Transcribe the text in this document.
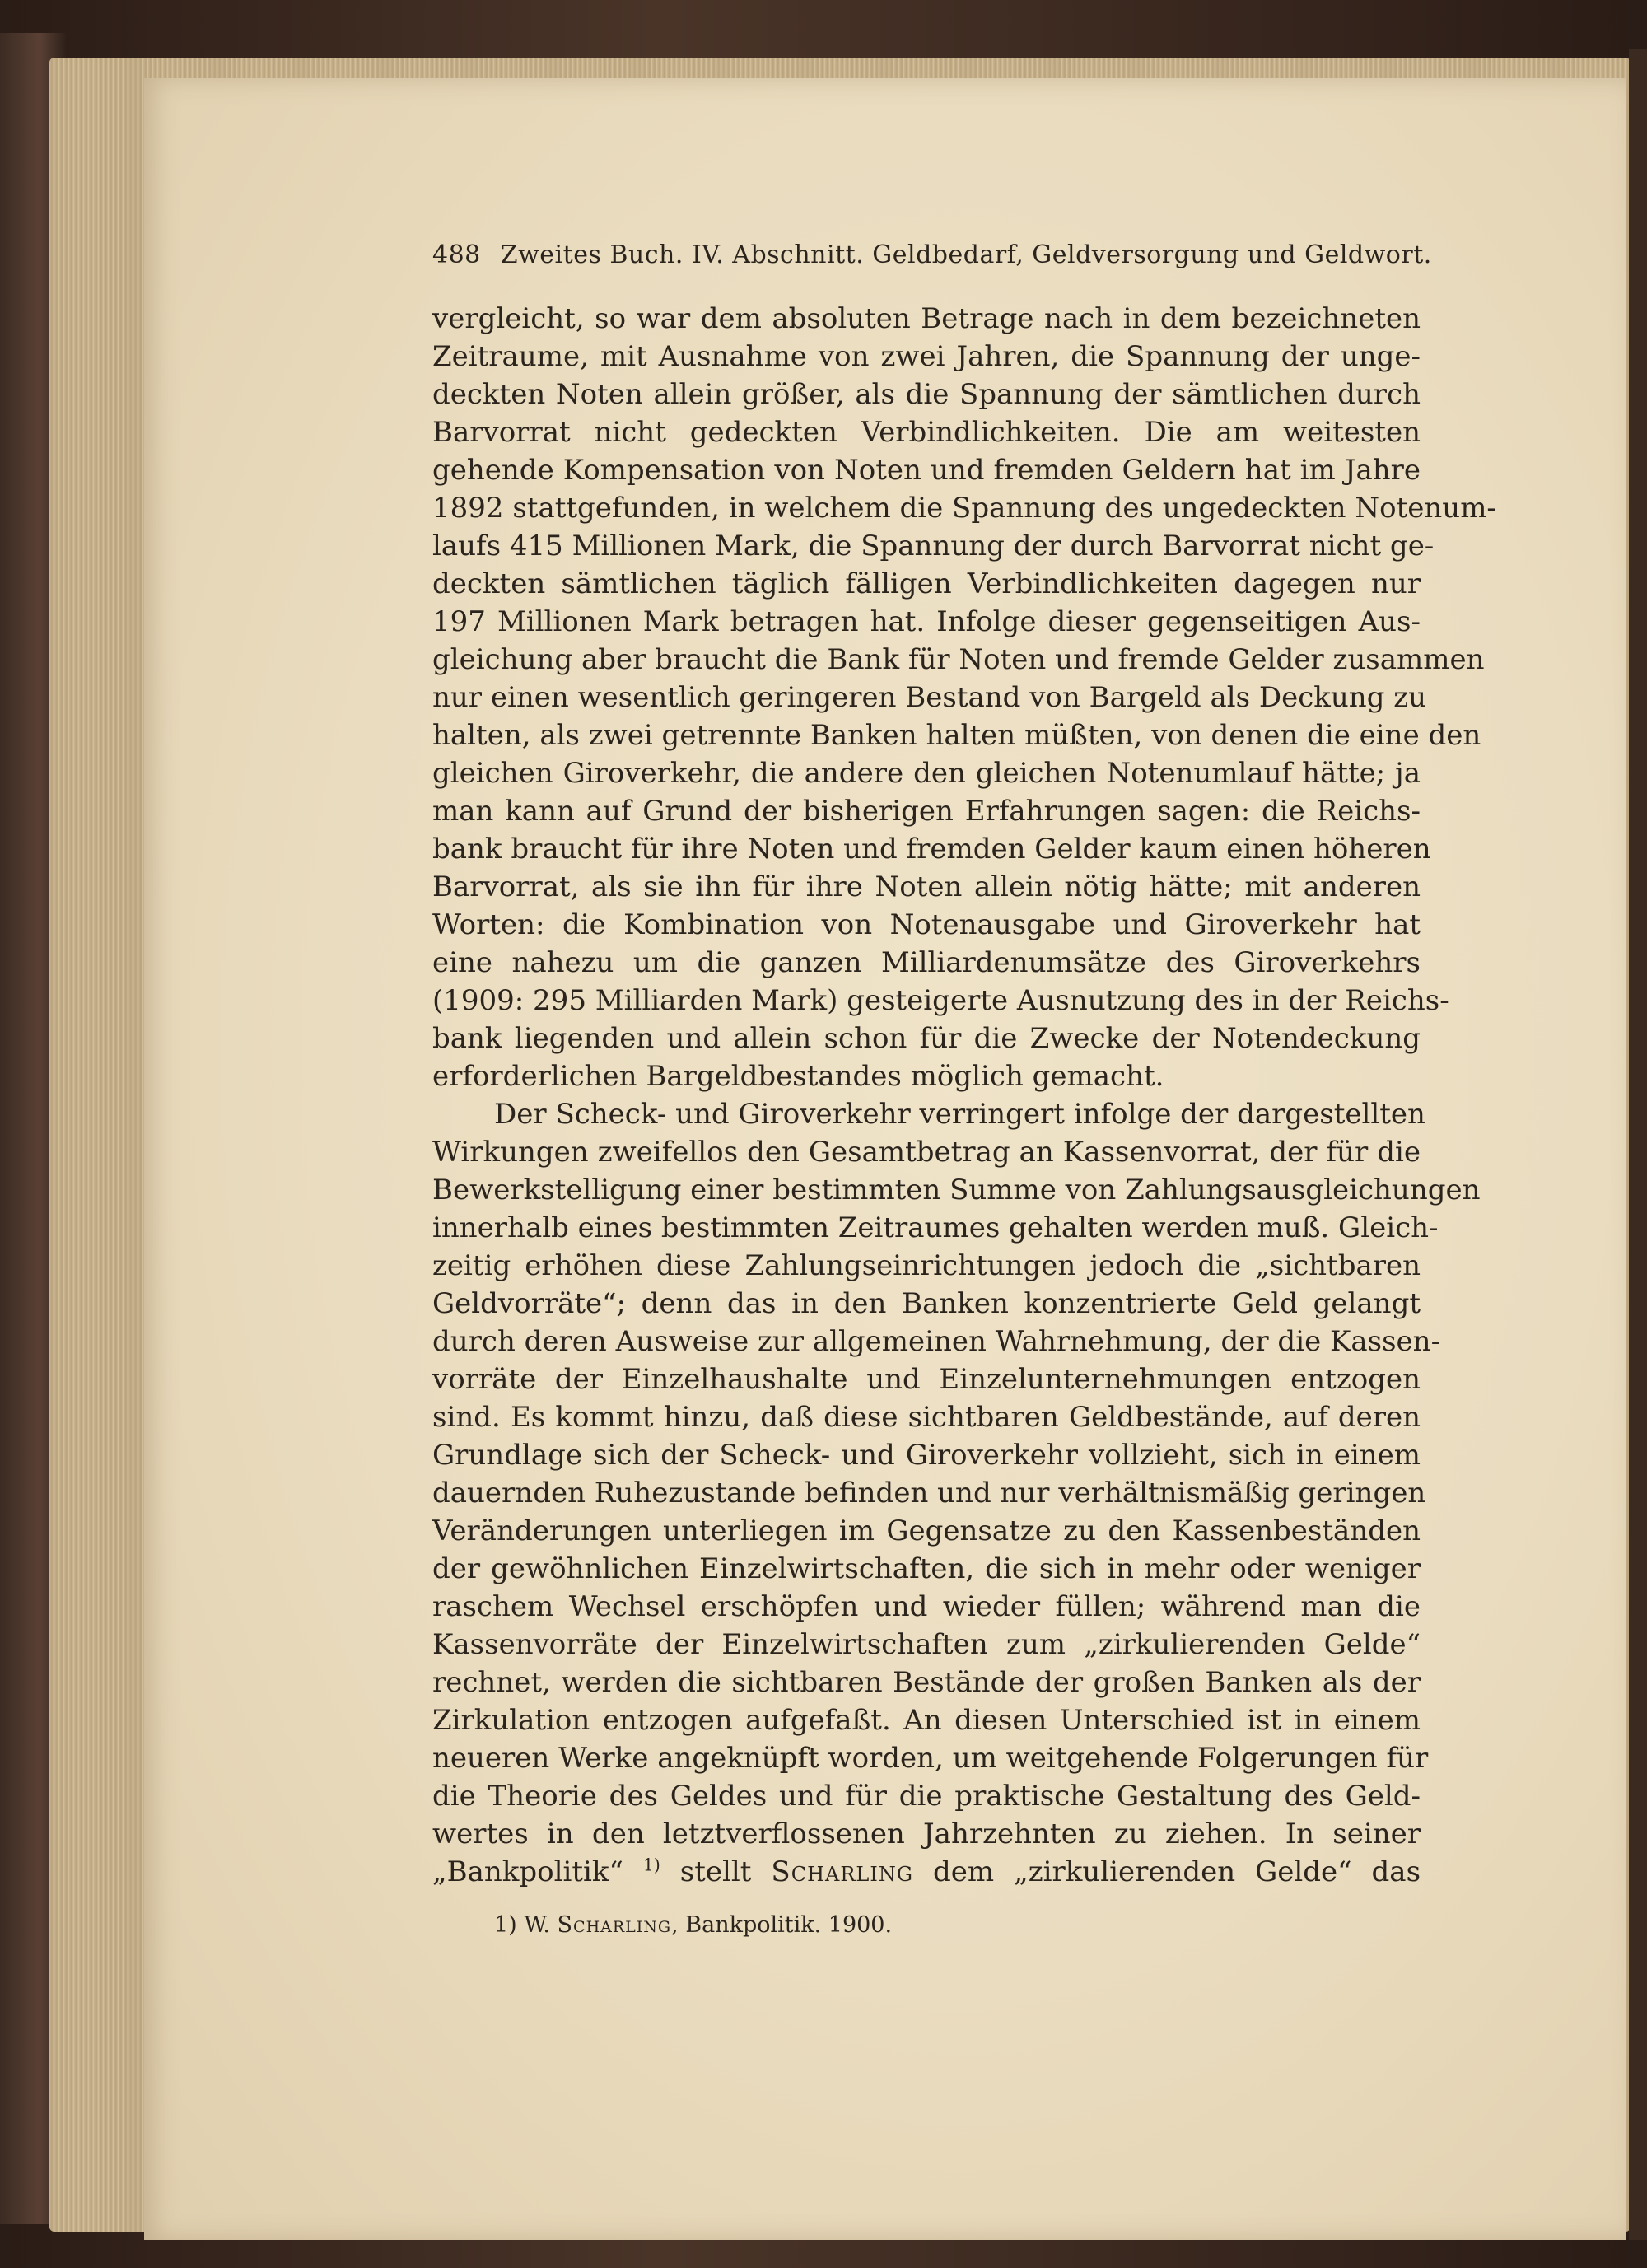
488 Zweites Buch. IV. Abschnitt. Geldbedarf, Geldversorgung und Geldwort.
vergleicht, so war dem absoluten Betrage nach in dem bezeichneten
Zeitraume, mit Ausnahme von zwei Jahren, die Spannung der unge-
deckten Noten allein größer, als die Spannung der sämtlichen durch
Barvorrat nicht gedeckten Verbindlichkeiten. Die am weitesten
gehende Kompensation von Noten und fremden Geldern hat im Jahre
1892 stattgefunden, in welchem die Spannung des ungedeckten Notenum-
laufs 415 Millionen Mark, die Spannung der durch Barvorrat nicht ge-
deckten sämtlichen täglich fälligen Verbindlichkeiten dagegen nur
197 Millionen Mark betragen hat. Infolge dieser gegenseitigen Aus-
gleichung aber braucht die Bank für Noten und fremde Gelder zusammen
nur einen wesentlich geringeren Bestand von Bargeld als Deckung zu
halten, als zwei getrennte Banken halten müßten, von denen die eine den
gleichen Giroverkehr, die andere den gleichen Notenumlauf hätte; ja
man kann auf Grund der bisherigen Erfahrungen sagen: die Reichs-
bank braucht für ihre Noten und fremden Gelder kaum einen höheren
Barvorrat, als sie ihn für ihre Noten allein nötig hätte; mit anderen
Worten: die Kombination von Notenausgabe und Giroverkehr hat
eine nahezu um die ganzen Milliardenumsätze des Giroverkehrs
(1909: 295 Milliarden Mark) gesteigerte Ausnutzung des in der Reichs-
bank liegenden und allein schon für die Zwecke der Notendeckung
erforderlichen Bargeldbestandes möglich gemacht.
Der Scheck- und Giroverkehr verringert infolge der dargestellten
Wirkungen zweifellos den Gesamtbetrag an Kassenvorrat, der für die
Bewerkstelligung einer bestimmten Summe von Zahlungsausgleichungen
innerhalb eines bestimmten Zeitraumes gehalten werden muß. Gleich-
zeitig erhöhen diese Zahlungseinrichtungen jedoch die „sichtbaren
Geldvorräte“; denn das in den Banken konzentrierte Geld gelangt
durch deren Ausweise zur allgemeinen Wahrnehmung, der die Kassen-
vorräte der Einzelhaushalte und Einzelunternehmungen entzogen
sind. Es kommt hinzu, daß diese sichtbaren Geldbestände, auf deren
Grundlage sich der Scheck- und Giroverkehr vollzieht, sich in einem
dauernden Ruhezustande befinden und nur verhältnismäßig geringen
Veränderungen unterliegen im Gegensatze zu den Kassenbeständen
der gewöhnlichen Einzelwirtschaften, die sich in mehr oder weniger
raschem Wechsel erschöpfen und wieder füllen; während man die
Kassenvorräte der Einzelwirtschaften zum „zirkulierenden Gelde“
rechnet, werden die sichtbaren Bestände der großen Banken als der
Zirkulation entzogen aufgefaßt. An diesen Unterschied ist in einem
neueren Werke angeknüpft worden, um weitgehende Folgerungen für
die Theorie des Geldes und für die praktische Gestaltung des Geld-
wertes in den letztverflossenen Jahrzehnten zu ziehen. In seiner
„Bankpolitik“ $^{1)}$ stellt Scharling dem „zirkulierenden Gelde“ das
1) W. Scharling, Bankpolitik. 1900.
